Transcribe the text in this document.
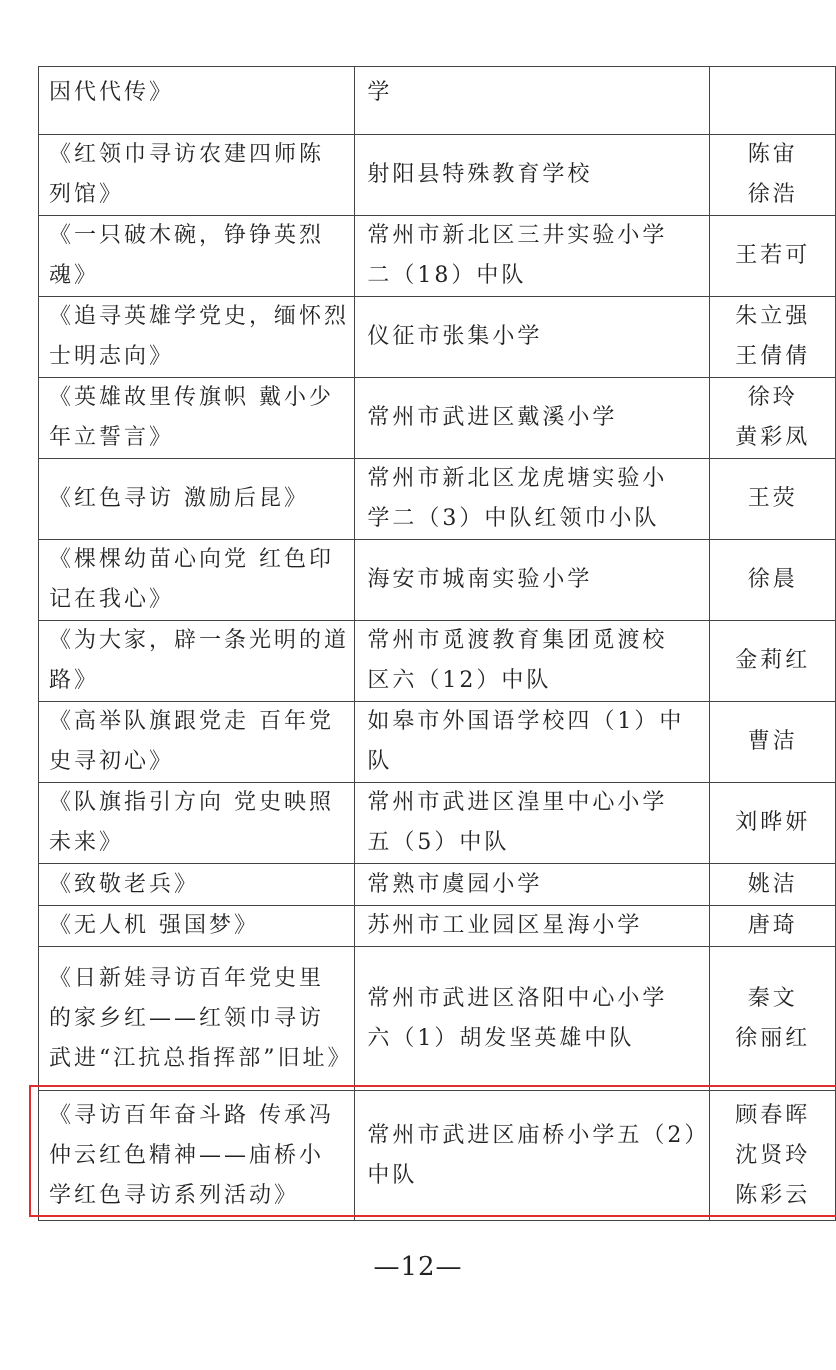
因代代传》	学	

《红领巾寻访农建四师陈
列馆》	射阳县特殊教育学校	陈宙
徐浩

《一只破木碗，铮铮英烈
魂》	常州市新北区三井实验小学
二（18）中队	王若可

《追寻英雄学党史，缅怀烈
士明志向》	仪征市张集小学	朱立强
王倩倩

《英雄故里传旗帜 戴小少
年立誓言》	常州市武进区戴溪小学	徐玲
黄彩凤

《红色寻访 激励后昆》	常州市新北区龙虎塘实验小
学二（3）中队红领巾小队	王荧

《棵棵幼苗心向党 红色印
记在我心》	海安市城南实验小学	徐晨

《为大家，辟一条光明的道
路》	常州市觅渡教育集团觅渡校
区六（12）中队	金莉红

《高举队旗跟党走 百年党
史寻初心》	如皋市外国语学校四（1）中
队	曹洁

《队旗指引方向 党史映照
未来》	常州市武进区湟里中心小学
五（5）中队	刘晔妍

《致敬老兵》	常熟市虞园小学	姚洁

《无人机 强国梦》	苏州市工业园区星海小学	唐琦

《日新娃寻访百年党史里
的家乡红——红领巾寻访
武进“江抗总指挥部”旧址》	常州市武进区洛阳中心小学
六（1）胡发坚英雄中队	秦文
徐丽红

《寻访百年奋斗路 传承冯
仲云红色精神——庙桥小
学红色寻访系列活动》	常州市武进区庙桥小学五（2）
中队	顾春晖
沈贤玲
陈彩云
—12—
